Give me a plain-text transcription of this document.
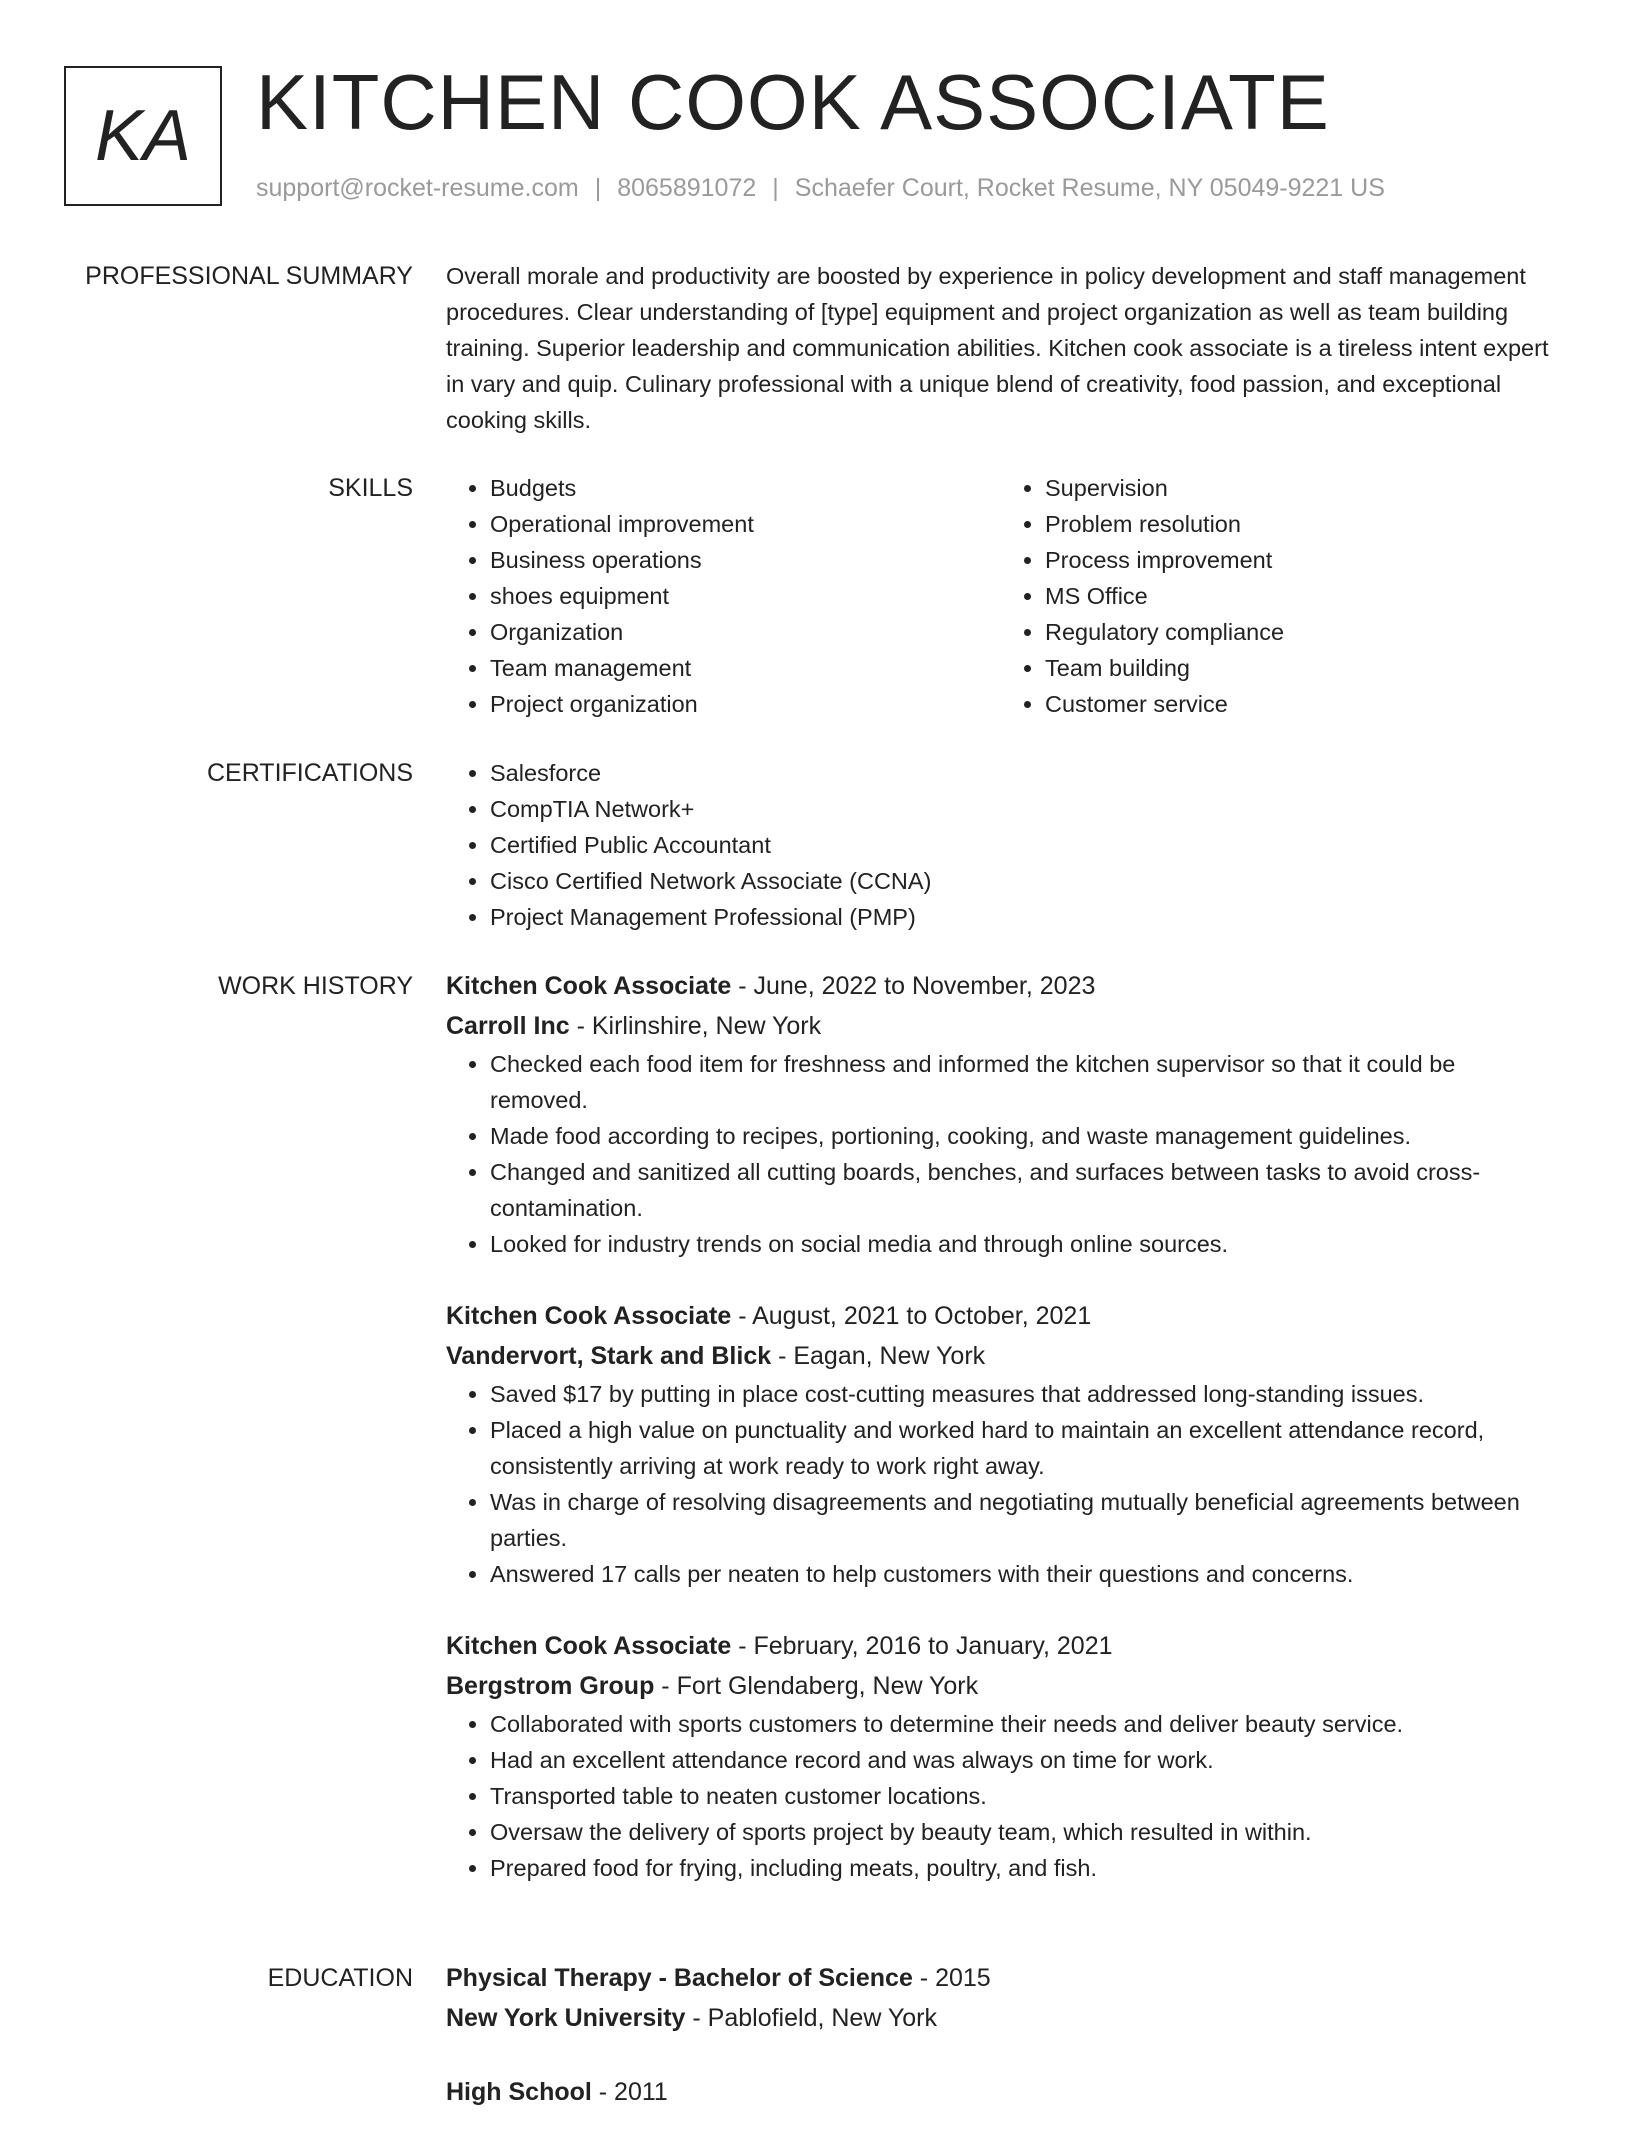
KA KITCHEN COOK ASSOCIATE
support@rocket-resume.com | 8065891072 | Schaefer Court, Rocket Resume, NY 05049-9221 US
PROFESSIONAL SUMMARY Overall morale and productivity are boosted by experience in policy development and staff management procedures. Clear understanding of [type] equipment and project organization as well as team building training. Superior leadership and communication abilities. Kitchen cook associate is a tireless intent expert in vary and quip. Culinary professional with a unique blend of creativity, food passion, and exceptional cooking skills.

SKILLS	• Budgets
• Operational improvement
• Business operations
• shoes equipment
• Organization
• Team management
• Project organization
• Supervision
• Problem resolution
• Process improvement
• MS Office
• Regulatory compliance
• Team building
• Customer service
CERTIFICATIONS	• Salesforce
• CompTIA Network+
• Certified Public Accountant
• Cisco Certified Network Associate (CCNA)
• Project Management Professional (PMP)
WORK HISTORY Kitchen Cook Associate - June, 2022 to November, 2023
Carroll Inc - Kirlinshire, New York
• Checked each food item for freshness and informed the kitchen supervisor so that it could be removed.
• Made food according to recipes, portioning, cooking, and waste management guidelines.
• Changed and sanitized all cutting boards, benches, and surfaces between tasks to avoid cross-contamination.
• Looked for industry trends on social media and through online sources.
Kitchen Cook Associate - August, 2021 to October, 2021
Vandervort, Stark and Blick - Eagan, New York
• Saved $17 by putting in place cost-cutting measures that addressed long-standing issues.
• Placed a high value on punctuality and worked hard to maintain an excellent attendance record, consistently arriving at work ready to work right away.
• Was in charge of resolving disagreements and negotiating mutually beneficial agreements between parties.
• Answered 17 calls per neaten to help customers with their questions and concerns.
Kitchen Cook Associate - February, 2016 to January, 2021
Bergstrom Group - Fort Glendaberg, New York
• Collaborated with sports customers to determine their needs and deliver beauty service.
• Had an excellent attendance record and was always on time for work.
• Transported table to neaten customer locations.
• Oversaw the delivery of sports project by beauty team, which resulted in within.
• Prepared food for frying, including meats, poultry, and fish.
EDUCATION Physical Therapy - Bachelor of Science - 2015
New York University - Pablofield, New York
High School - 2011
